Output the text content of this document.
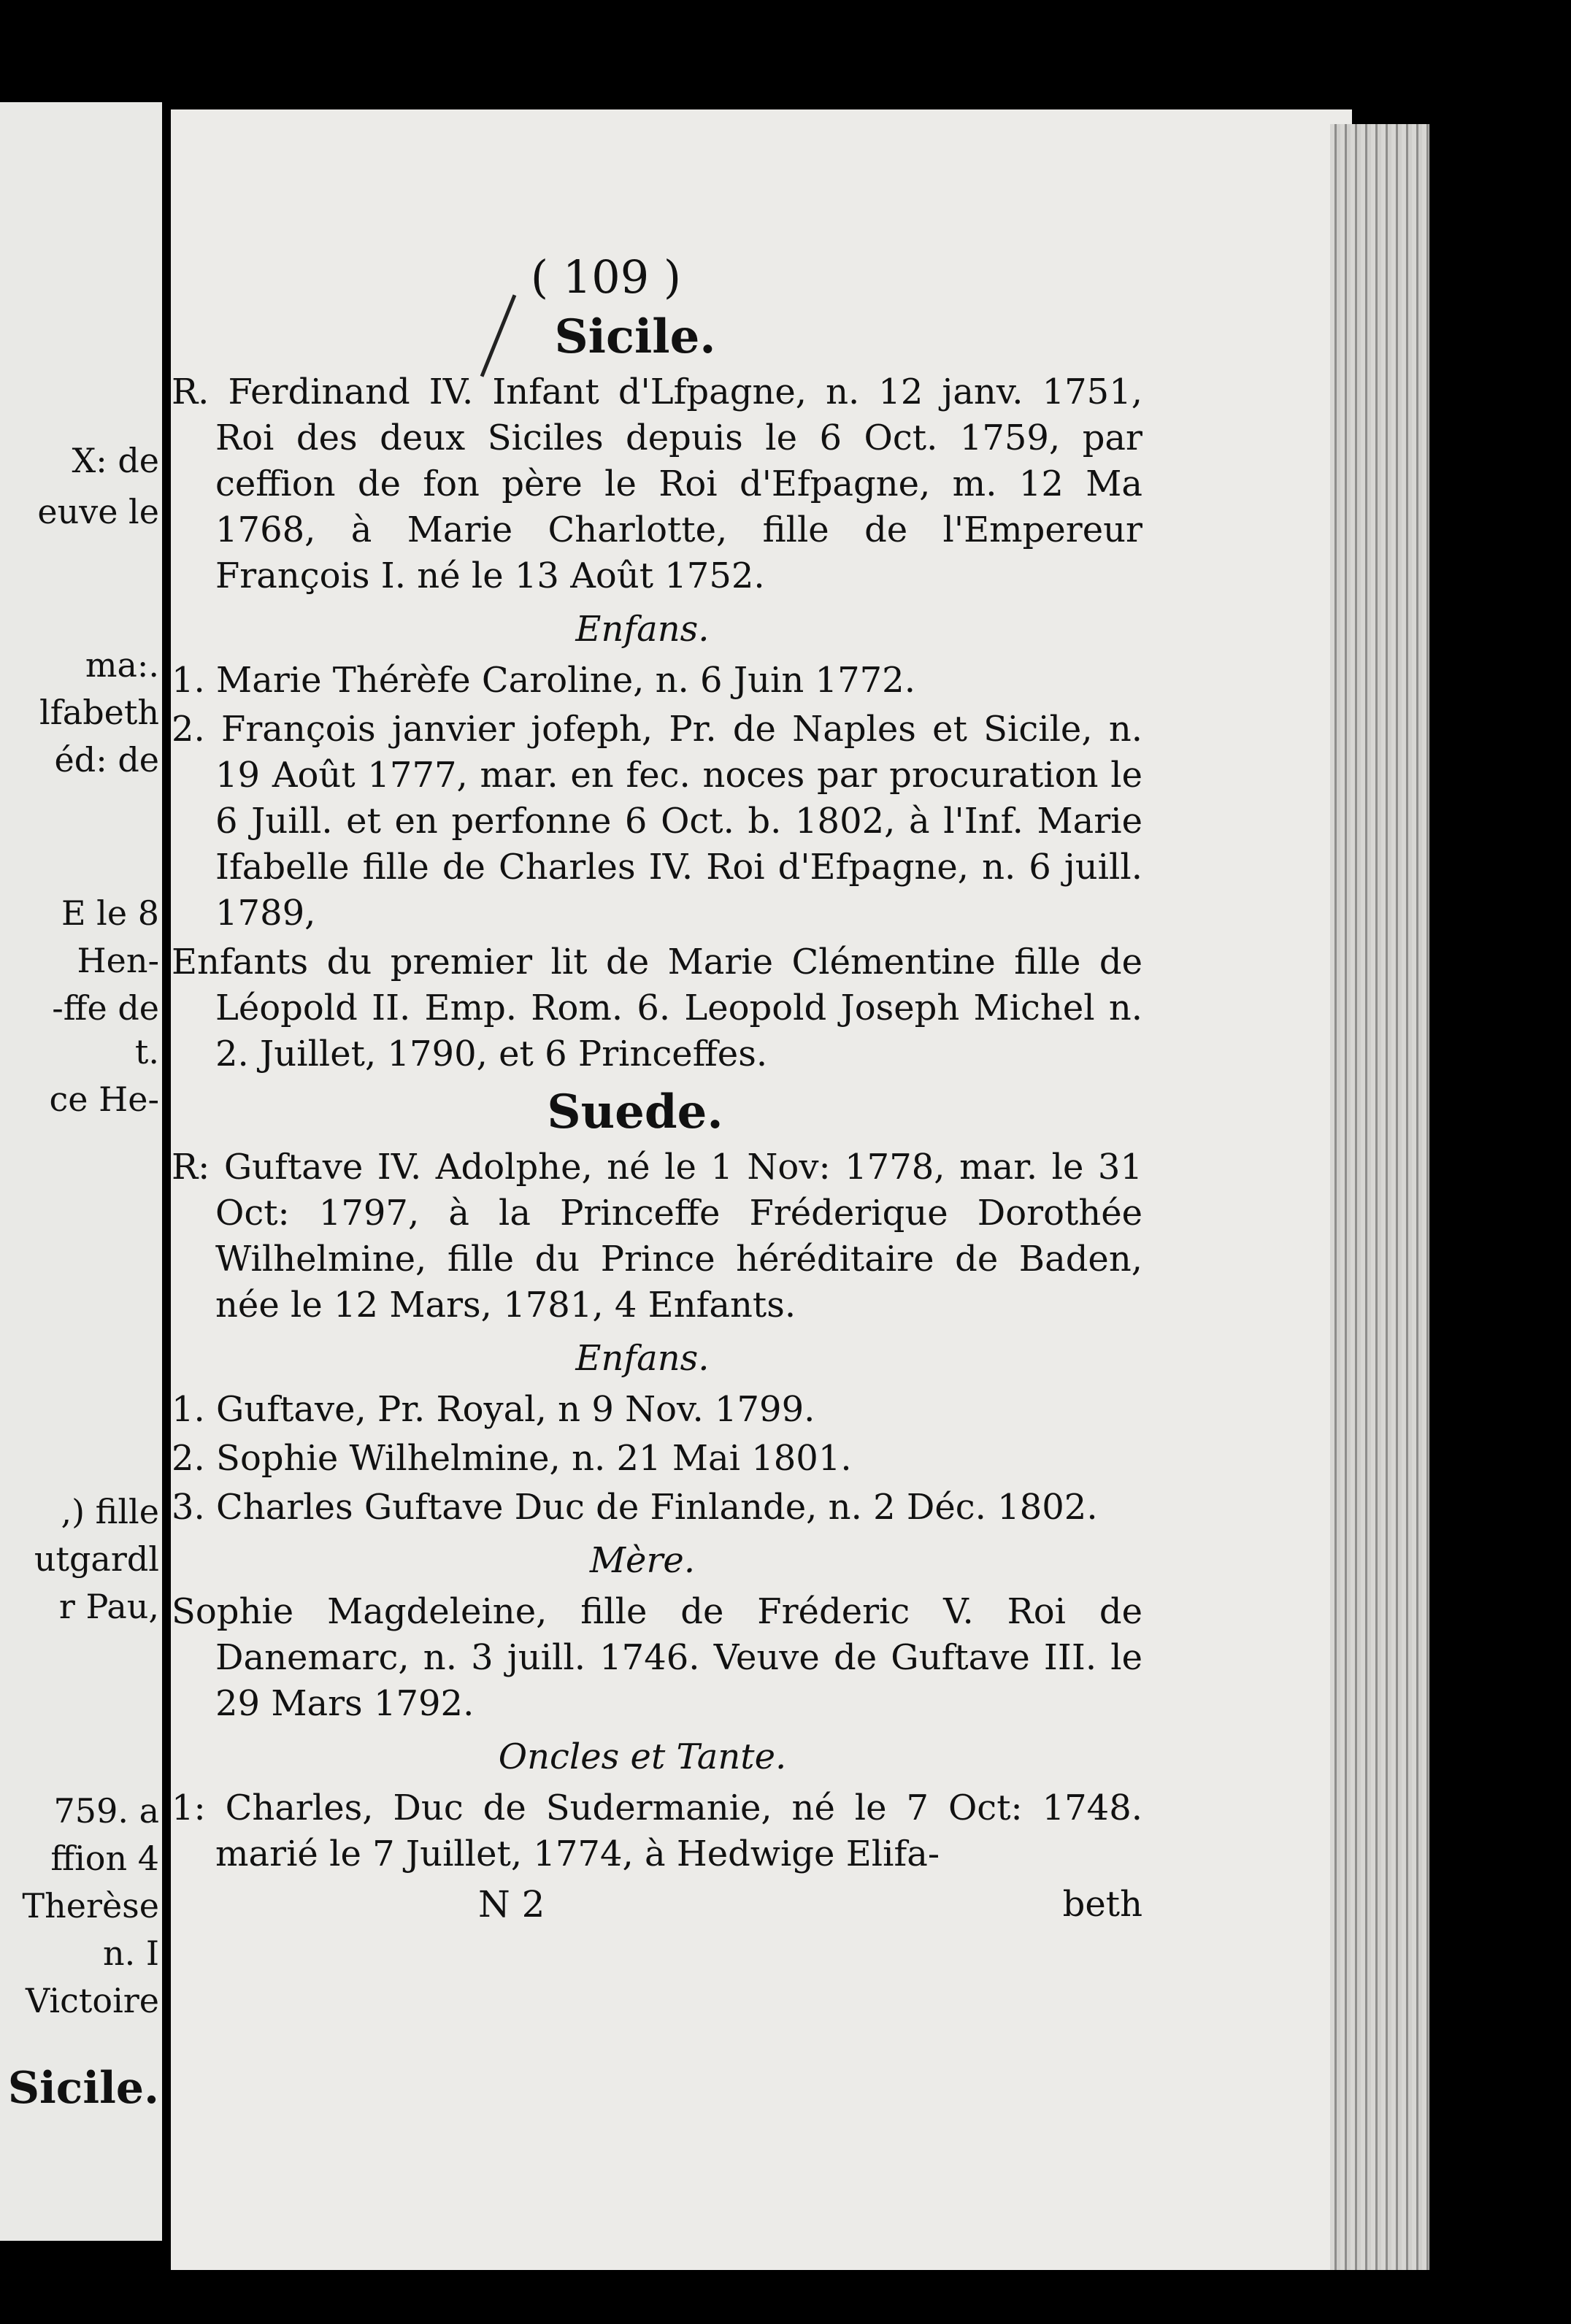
X: de
euve le
ma:.
lfabeth
éd: de
E le 8
Hen-
-ffe de
t.
ce He-
,) fille
utgardl
r Pau,
759. a
ffion 4
Therèse
n. I
Victoire
Sicile.
( 109 )
Sicile.
R. Ferdinand IV. Infant d'Lfpagne, n. 12 janv. 1751, Roi des deux Siciles depuis le 6 Oct. 1759, par ceffion de fon père le Roi d'Efpagne, m. 12 Ma 1768, à Marie Charlotte, fille de l'Empereur François I. né le 13 Août 1752.
Enfans.
1. Marie Thérèfe Caroline, n. 6 Juin 1772.
2. François janvier jofeph, Pr. de Naples et Sicile, n. 19 Août 1777, mar. en fec. noces par procuration le 6 Juill. et en perfonne 6 Oct. b. 1802, à l'Inf. Marie Ifabelle fille de Charles IV. Roi d'Efpagne, n. 6 juill. 1789,
Enfants du premier lit de Marie Clémentine fille de Léopold II. Emp. Rom. 6. Leopold Joseph Michel n. 2. Juillet, 1790, et 6 Princeffes.
Suede.
R: Guftave IV. Adolphe, né le 1 Nov: 1778, mar. le 31 Oct: 1797, à la Princeffe Fréderique Dorothée Wilhelmine, fille du Prince héréditaire de Baden, née le 12 Mars, 1781, 4 Enfants.
Enfans.
1. Guftave, Pr. Royal, n 9 Nov. 1799.
2. Sophie Wilhelmine, n. 21 Mai 1801.
3. Charles Guftave Duc de Finlande, n. 2 Déc. 1802.
Mère.
Sophie Magdeleine, fille de Fréderic V. Roi de Danemarc, n. 3 juill. 1746. Veuve de Guftave III. le 29 Mars 1792.
Oncles et Tante.
1: Charles, Duc de Sudermanie, né le 7 Oct: 1748. marié le 7 Juillet, 1774, à Hedwige Elifa-
N 2	beth
